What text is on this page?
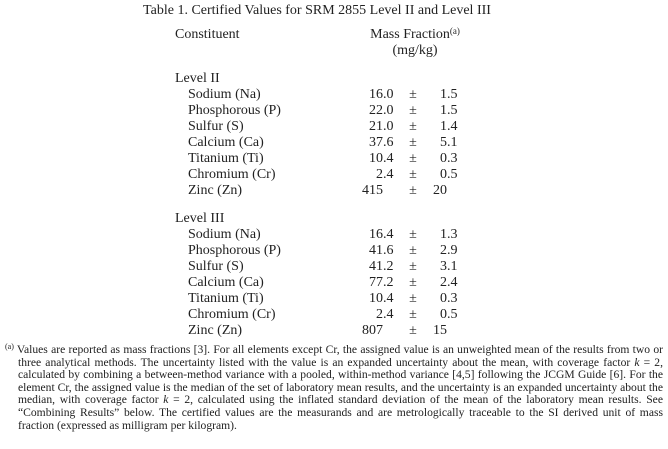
Table 1. Certified Values for SRM 2855 Level II and Level III
Constituent	Mass Fraction$^{(a)}$
(mg/kg)
Level II
Sodium (Na)	16 .0	±	1 .5
Phosphorous (P)	22 .0	±	1 .5
Sulfur (S)	21 .0	±	1 .4
Calcium (Ca)	37 .6	±	5 .1
Titanium (Ti)	10 .4	±	0 .3
Chromium (Cr)	2 .4	±	0 .5
Zinc (Zn)	415	±	20
Level III
Sodium (Na)	16 .4	±	1 .3
Phosphorous (P)	41 .6	±	2 .9
Sulfur (S)	41 .2	±	3 .1
Calcium (Ca)	77 .2	±	2 .4
Titanium (Ti)	10 .4	±	0 .3
Chromium (Cr)	2 .4	±	0 .5
Zinc (Zn)	807	±	15
$^{(a)}$ Values are reported as mass fractions [3]. For all elements except Cr, the assigned value is an unweighted mean of the results from two or three analytical methods. The uncertainty listed with the value is an expanded uncertainty about the mean, with coverage factor k = 2, calculated by combining a between-method variance with a pooled, within-method variance [4,5] following the JCGM Guide [6]. For the element Cr, the assigned value is the median of the set of laboratory mean results, and the uncertainty is an expanded uncertainty about the median, with coverage factor k = 2, calculated using the inflated standard deviation of the mean of the laboratory mean results. See “Combining Results” below. The certified values are the measurands and are metrologically traceable to the SI derived unit of mass fraction (expressed as milligram per kilogram).
